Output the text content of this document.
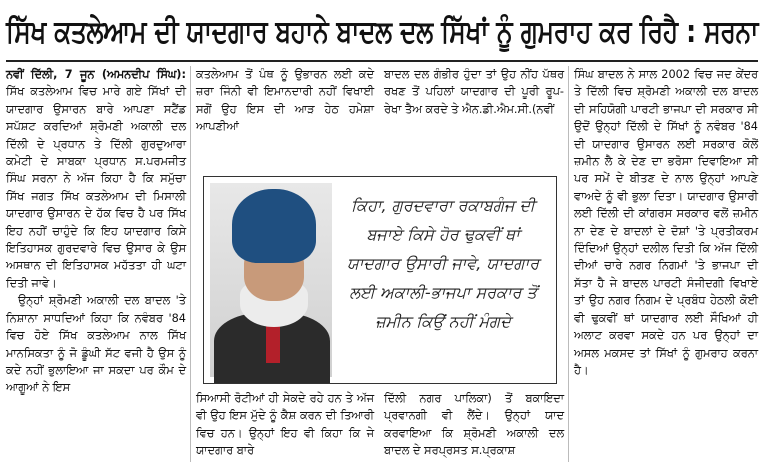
ਸਿੱਖ ਕਤਲੇਆਮ ਦੀ ਯਾਦਗਾਰ ਬਹਾਨੇ ਬਾਦਲ ਦਲ ਸਿੱਖਾਂ ਨੂੰ ਗੁਮਰਾਹ ਕਰ ਰਿਹੈ : ਸਰਨਾ

ਨਵੀਂ ਦਿੱਲੀ, 7 ਜੂਨ (ਅਮਨਦੀਪ ਸਿੰਘ): ਸਿੱਖ ਕਤਲੇਆਮ ਵਿਚ ਮਾਰੇ ਗਏ ਸਿੱਖਾਂ ਦੀ ਯਾਦਗਾਰ ਉਸਾਰਨ ਬਾਰੇ ਆਪਣਾ ਸਟੈਂਡ ਸਪੱਸ਼ਟ ਕਰਦਿਆਂ ਸ਼੍ਰੋਮਣੀ ਅਕਾਲੀ ਦਲ ਦਿੱਲੀ ਦੇ ਪ੍ਰਧਾਨ ਤੇ ਦਿੱਲੀ ਗੁਰਦੁਆਰਾ ਕਮੇਟੀ ਦੇ ਸਾਬਕਾ ਪ੍ਰਧਾਨ ਸ.ਪਰਮਜੀਤ ਸਿੰਘ ਸਰਨਾ ਨੇ ਅੱਜ ਕਿਹਾ ਹੈ ਕਿ ਸਮੁੱਚਾ ਸਿੱਖ ਜਗਤ ਸਿੱਖ ਕਤਲੇਆਮ ਦੀ ਮਿਸਾਲੀ ਯਾਦਗਾਰ ਉਸਾਰਨ ਦੇ ਹੱਕ ਵਿਚ ਹੈ ਪਰ ਸਿੱਖ ਇਹ ਨਹੀਂ ਚਾਹੁੰਦੇ ਕਿ ਇਹ ਯਾਦਗਾਰ ਕਿਸੇ ਇਤਿਹਾਸਕ ਗੁਰਦਵਾਰੇ ਵਿਚ ਉਸਾਰ ਕੇ ਉਸ ਅਸਥਾਨ ਦੀ ਇਤਿਹਾਸਕ ਮਹੱਤਤਾ ਹੀ ਘਟਾ ਦਿਤੀ ਜਾਵੇ।

ਉਨ੍ਹਾਂ ਸ਼੍ਰੋਮਣੀ ਅਕਾਲੀ ਦਲ ਬਾਦਲ 'ਤੇ ਨਿਸ਼ਾਨਾ ਸਾਧਦਿਆਂ ਕਿਹਾ ਕਿ ਨਵੰਬਰ '84 ਵਿਚ ਹੋਏ ਸਿੱਖ ਕਤਲੇਆਮ ਨਾਲ ਸਿੱਖ ਮਾਨਸਿਕਤਾ ਨੂੰ ਜੋ ਡੂੰਘੀ ਸੱਟ ਵਜੀ ਹੈ ਉਸ ਨੂੰ ਕਦੇ ਨਹੀਂ ਭੁਲਾਇਆ ਜਾ ਸਕਦਾ ਪਰ ਕੌਮ ਦੇ ਆਗੂਆਂ ਨੇ ਇਸ

ਕਤਲੇਆਮ ਤੋਂ ਪੰਥ ਨੂੰ ਉਭਾਰਨ ਲਈ ਕਦੇ ਜ਼ਰਾ ਜਿੰਨੀ ਵੀ ਇਮਾਨਦਾਰੀ ਨਹੀਂ ਵਿਖਾਈ ਸਗੋਂ ਉਹ ਇਸ ਦੀ ਆੜ ਹੇਠ ਹਮੇਸ਼ਾ ਆਪਣੀਆਂ

ਬਾਦਲ ਦਲ ਗੰਭੀਰ ਹੁੰਦਾ ਤਾਂ ਉਹ ਨੀਂਹ ਪੱਥਰ ਰਖਣ ਤੋਂ ਪਹਿਲਾਂ ਯਾਦਗਾਰ ਦੀ ਪੂਰੀ ਰੂਪ-ਰੇਖਾ ਤੈਅ ਕਰਦੇ ਤੇ ਐਨ.ਡੀ.ਐਮ.ਸੀ.(ਨਵੀਂ

ਕਿਹਾ, ਗੁਰਦਵਾਰਾ ਰਕਾਬਗੰਜ ਦੀ ਬਜਾਏ ਕਿਸੇ ਹੋਰ ਢੁਕਵੀਂ ਥਾਂ ਯਾਦਗਾਰ ਉਸਾਰੀ ਜਾਵੇ, ਯਾਦਗਾਰ ਲਈ ਅਕਾਲੀ-ਭਾਜਪਾ ਸਰਕਾਰ ਤੋਂ ਜ਼ਮੀਨ ਕਿਉਂ ਨਹੀਂ ਮੰਗਦੇ

ਸਿਆਸੀ ਰੋਟੀਆਂ ਹੀ ਸੇਕਦੇ ਰਹੇ ਹਨ ਤੇ ਅੱਜ ਵੀ ਉਹ ਇਸ ਮੁੱਦੇ ਨੂੰ ਕੈਸ਼ ਕਰਨ ਦੀ ਤਿਆਰੀ ਵਿਚ ਹਨ। ਉਨ੍ਹਾਂ ਇਹ ਵੀ ਕਿਹਾ ਕਿ ਜੇ ਯਾਦਗਾਰ ਬਾਰੇ

ਦਿੱਲੀ ਨਗਰ ਪਾਲਿਕਾ) ਤੋਂ ਬਕਾਇਦਾ ਪ੍ਰਵਾਨਗੀ ਵੀ ਲੈਂਦੇ। ਉਨ੍ਹਾਂ ਯਾਦ ਕਰਵਾਇਆ ਕਿ ਸ਼੍ਰੋਮਣੀ ਅਕਾਲੀ ਦਲ ਬਾਦਲ ਦੇ ਸਰਪ੍ਰਸਤ ਸ.ਪ੍ਰਕਾਸ਼

ਸਿੰਘ ਬਾਦਲ ਨੇ ਸਾਲ 2002 ਵਿਚ ਜਦ ਕੇਂਦਰ ਤੇ ਦਿੱਲੀ ਵਿਚ ਸ਼੍ਰੋਮਣੀ ਅਕਾਲੀ ਦਲ ਬਾਦਲ ਦੀ ਸਹਿਯੋਗੀ ਪਾਰਟੀ ਭਾਜਪਾ ਦੀ ਸਰਕਾਰ ਸੀ ਉਦੋਂ ਉਨ੍ਹਾਂ ਦਿੱਲੀ ਦੇ ਸਿੱਖਾਂ ਨੂੰ ਨਵੰਬਰ '84 ਦੀ ਯਾਦਗਾਰ ਉਸਾਰਨ ਲਈ ਸਰਕਾਰ ਕੋਲੋਂ ਜ਼ਮੀਨ ਲੈ ਕੇ ਦੇਣ ਦਾ ਭਰੋਸਾ ਦਿਵਾਇਆ ਸੀ ਪਰ ਸਮੇਂ ਦੇ ਬੀਤਣ ਦੇ ਨਾਲ ਉਨ੍ਹਾਂ ਆਪਣੇ ਵਾਅਦੇ ਨੂੰ ਵੀ ਭੁਲਾ ਦਿਤਾ। ਯਾਦਗਾਰ ਉਸਾਰੀ ਲਈ ਦਿੱਲੀ ਦੀ ਕਾਂਗਰਸ ਸਰਕਾਰ ਵਲੋਂ ਜ਼ਮੀਨ ਨਾ ਦੇਣ ਦੇ ਬਾਦਲਾਂ ਦੇ ਦੋਸ਼ਾਂ 'ਤੇ ਪ੍ਰਤੀਕਰਮ ਦਿੰਦਿਆਂ ਉਨ੍ਹਾਂ ਦਲੀਲ ਦਿਤੀ ਕਿ ਅੱਜ ਦਿੱਲੀ ਦੀਆਂ ਚਾਰੇ ਨਗਰ ਨਿਗਮਾਂ 'ਤੇ ਭਾਜਪਾ ਦੀ ਸੱਤਾ ਹੈ ਜੇ ਬਾਦਲ ਪਾਰਟੀ ਸੰਜੀਦਗੀ ਵਿਖਾਏ ਤਾਂ ਉਹ ਨਗਰ ਨਿਗਮ ਦੇ ਪ੍ਰਬੰਧ ਹੇਠਲੀ ਕੋਈ ਵੀ ਢੁਕਵੀਂ ਥਾਂ ਯਾਦਗਾਰ ਲਈ ਸੌਖਿਆਂ ਹੀ ਅਲਾਟ ਕਰਵਾ ਸਕਦੇ ਹਨ ਪਰ ਉਨ੍ਹਾਂ ਦਾ ਅਸਲ ਮਕਸਦ ਤਾਂ ਸਿੱਖਾਂ ਨੂੰ ਗੁਮਰਾਹ ਕਰਨਾ ਹੈ।
